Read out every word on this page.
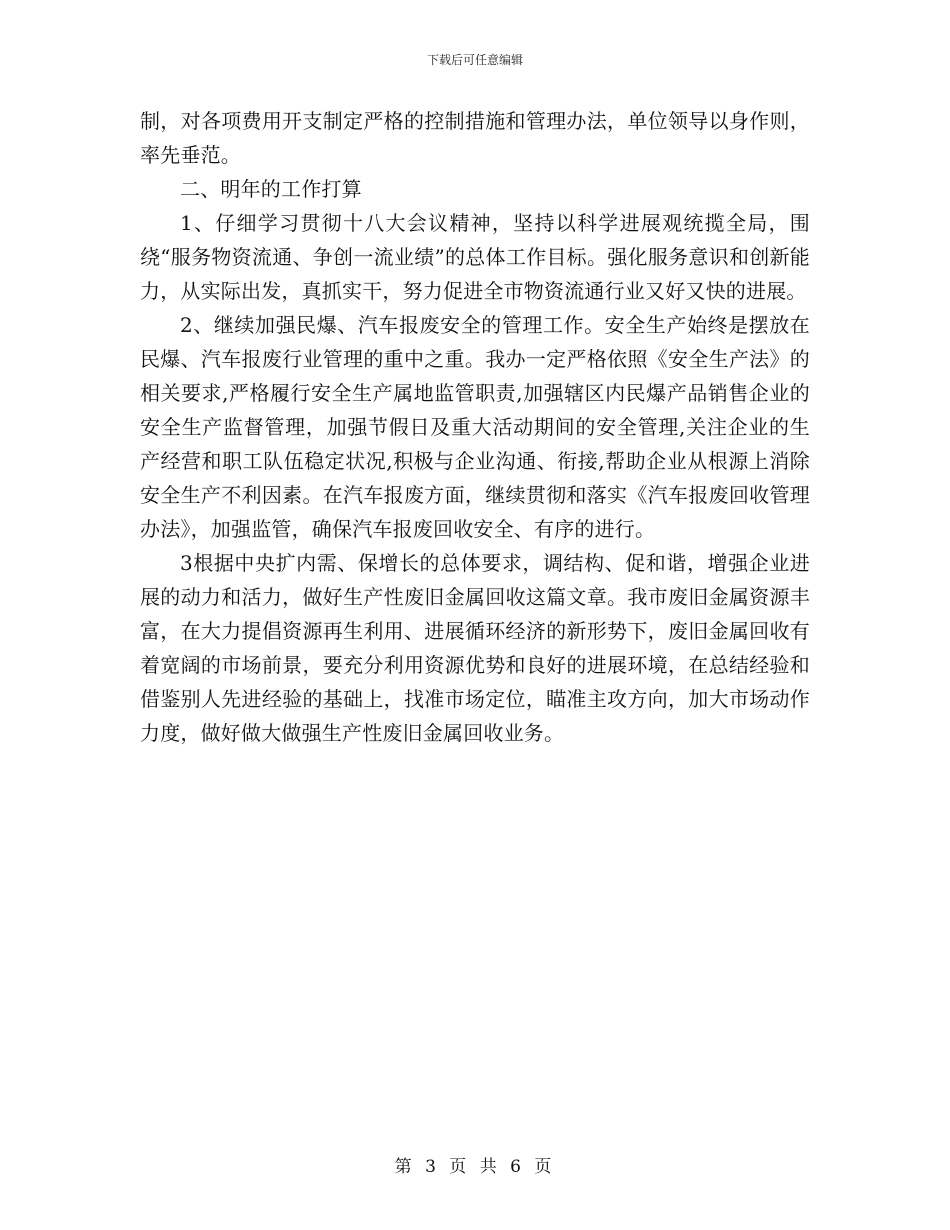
下载后可任意编辑

制，对各项费用开支制定严格的控制措施和管理办法，单位领导以身作则，率先垂范。

二、明年的工作打算

1、仔细学习贯彻十八大会议精神，坚持以科学进展观统揽全局，围绕“服务物资流通、争创一流业绩”的总体工作目标。强化服务意识和创新能力，从实际出发，真抓实干，努力促进全市物资流通行业又好又快的进展。

2、继续加强民爆、汽车报废安全的管理工作。安全生产始终是摆放在民爆、汽车报废行业管理的重中之重。我办一定严格依照《安全生产法》的相关要求,严格履行安全生产属地监管职责,加强辖区内民爆产品销售企业的安全生产监督管理，加强节假日及重大活动期间的安全管理,关注企业的生产经营和职工队伍稳定状况,积极与企业沟通、衔接,帮助企业从根源上消除安全生产不利因素。在汽车报废方面，继续贯彻和落实《汽车报废回收管理办法》，加强监管，确保汽车报废回收安全、有序的进行。

3根据中央扩内需、保增长的总体要求，调结构、促和谐，增强企业进展的动力和活力，做好生产性废旧金属回收这篇文章。我市废旧金属资源丰富，在大力提倡资源再生利用、进展循环经济的新形势下，废旧金属回收有着宽阔的市场前景，要充分利用资源优势和良好的进展环境，在总结经验和借鉴别人先进经验的基础上，找准市场定位，瞄准主攻方向，加大市场动作力度，做好做大做强生产性废旧金属回收业务。

第 3 页 共 6 页
